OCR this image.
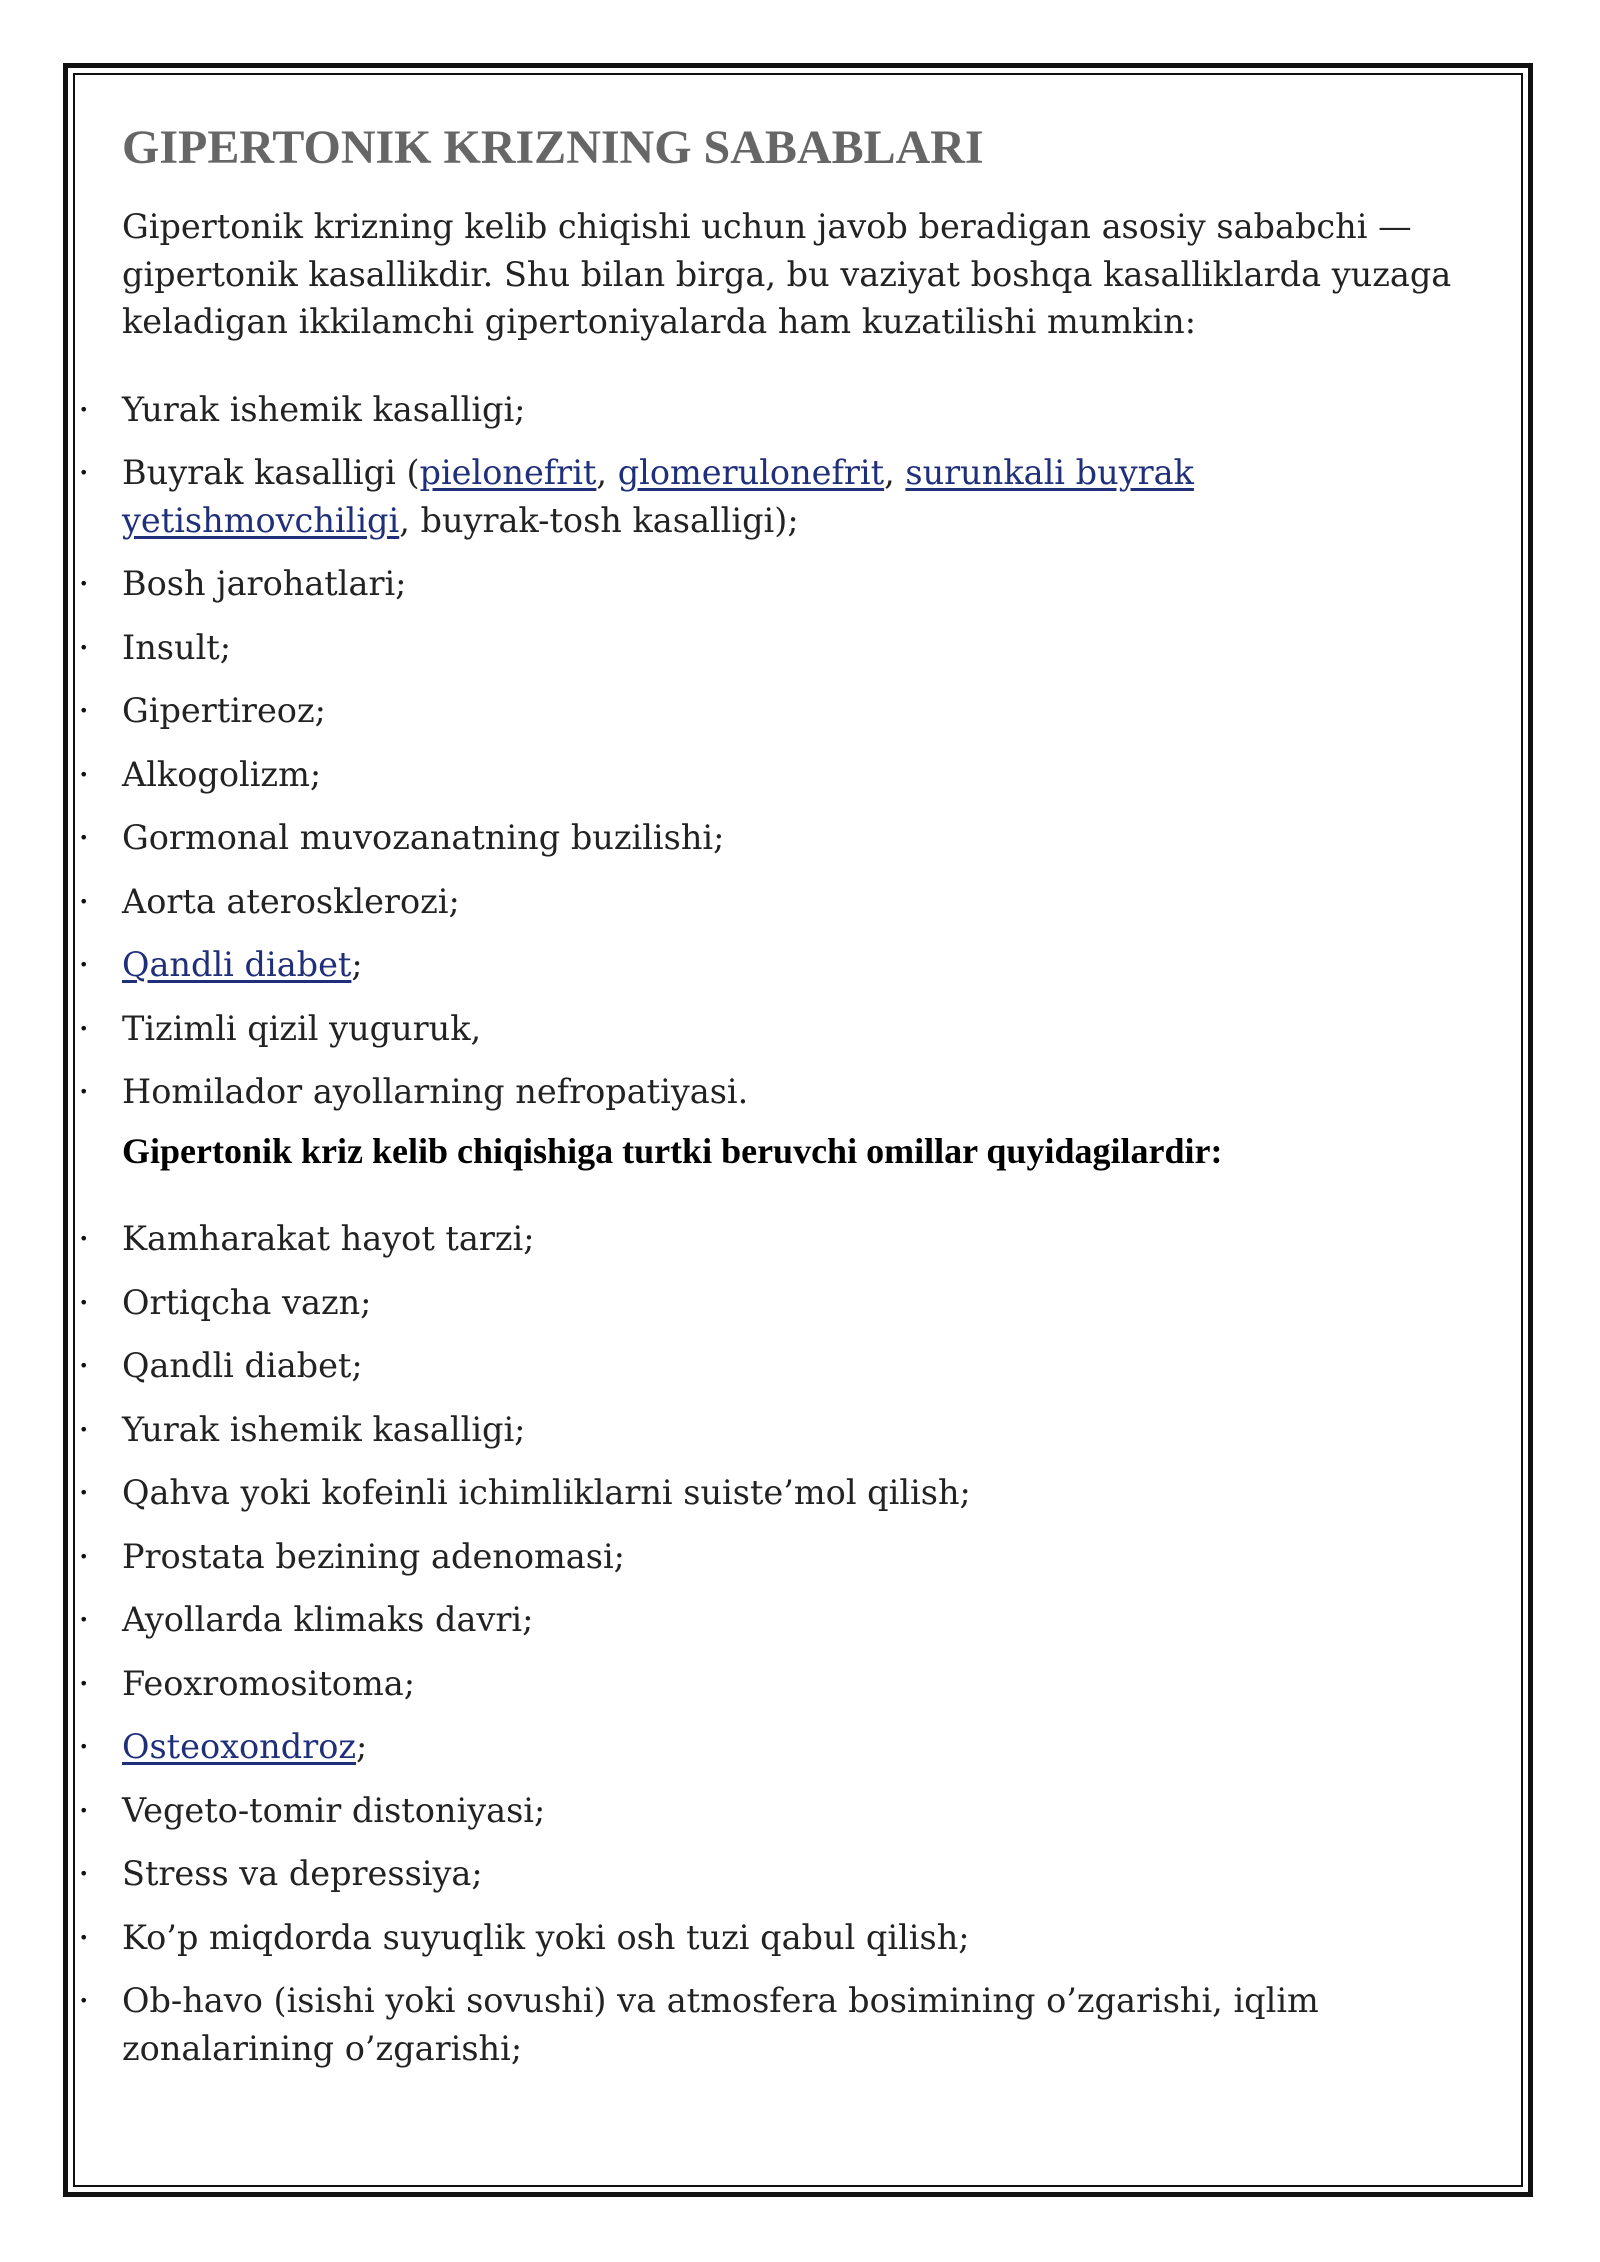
GIPERTONIK KRIZNING SABABLARI

Gipertonik krizning kelib chiqishi uchun javob beradigan asosiy sababchi — gipertonik kasallikdir. Shu bilan birga, bu vaziyat boshqa kasalliklarda yuzaga keladigan ikkilamchi gipertoniyalarda ham kuzatilishi mumkin:

• Yurak ishemik kasalligi;
• Buyrak kasalligi (pielonefrit, glomerulonefrit, surunkali buyrak yetishmovchiligi, buyrak-tosh kasalligi);
• Bosh jarohatlari;
• Insult;
• Gipertireoz;
• Alkogolizm;
• Gormonal muvozanatning buzilishi;
• Aorta aterosklerozi;
• Qandli diabet;
• Tizimli qizil yuguruk,
• Homilador ayollarning nefropatiyasi.

Gipertonik kriz kelib chiqishiga turtki beruvchi omillar quyidagilardir:

• Kamharakat hayot tarzi;
• Ortiqcha vazn;
• Qandli diabet;
• Yurak ishemik kasalligi;
• Qahva yoki kofeinli ichimliklarni suiste’mol qilish;
• Prostata bezining adenomasi;
• Ayollarda klimaks davri;
• Feoxromositoma;
• Osteoxondroz;
• Vegeto-tomir distoniyasi;
• Stress va depressiya;
• Ko’p miqdorda suyuqlik yoki osh tuzi qabul qilish;
• Ob-havo (isishi yoki sovushi) va atmosfera bosimining o’zgarishi, iqlim zonalarining o’zgarishi;
